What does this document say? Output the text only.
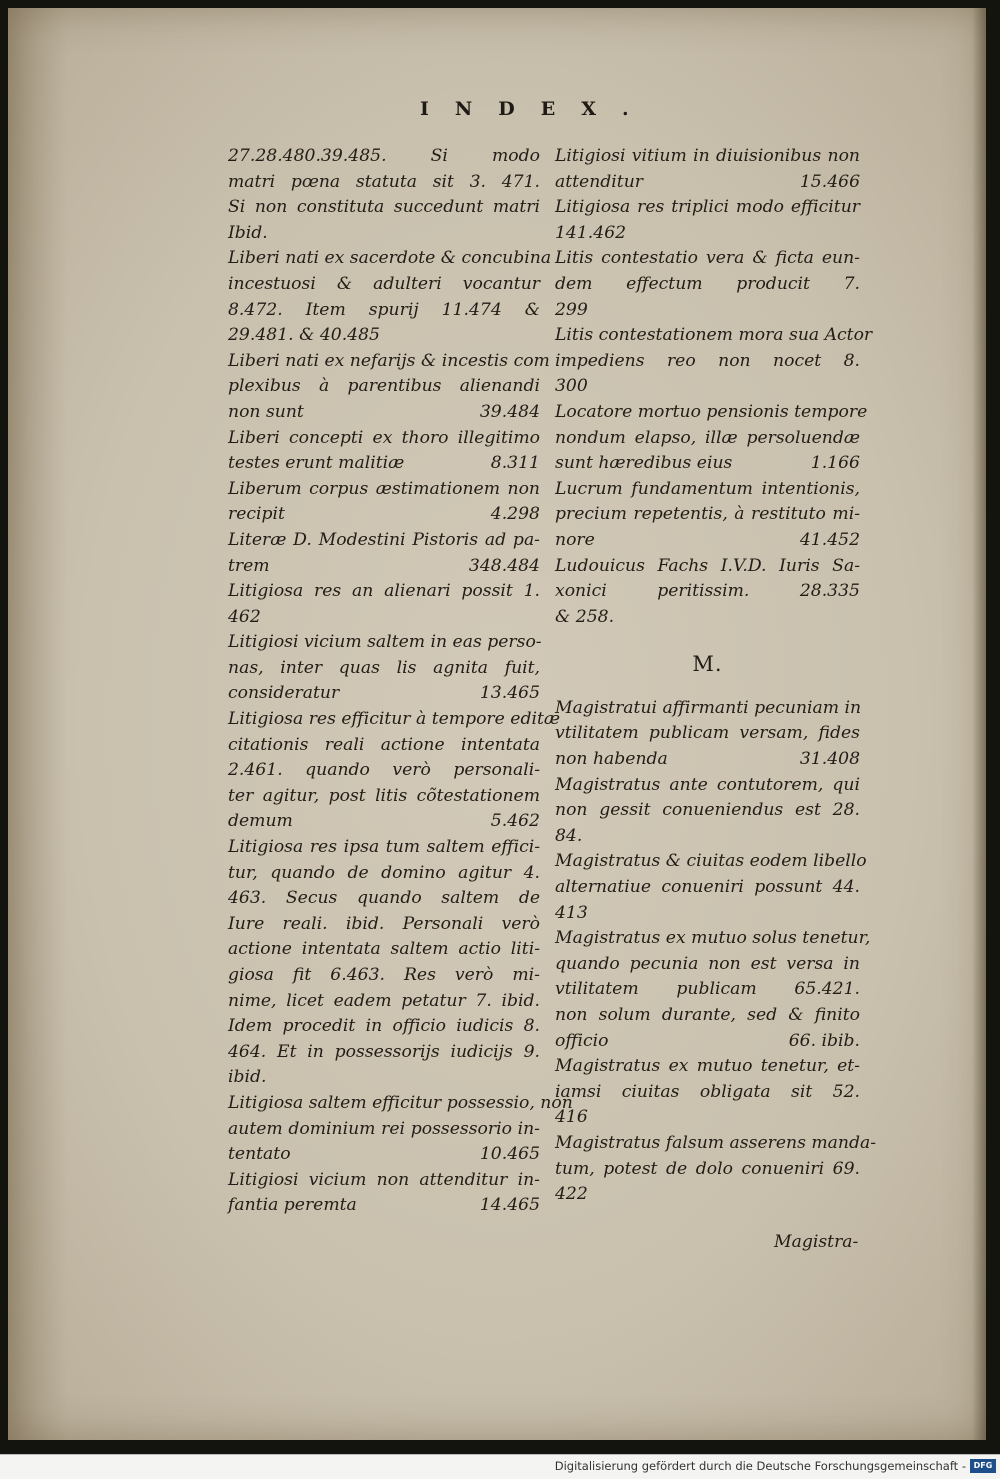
INDEX.
27.28.480.39.485. Si modo
matri pœna statuta sit 3. 471.
Si non constituta succedunt matri
Ibid.
Liberi nati ex sacerdote & concubina
incestuosi & adulteri vocantur
8.472. Item spurij 11.474 &
29.481. & 40.485
Liberi nati ex nefarijs & incestis com
plexibus à parentibus alienandi
non sunt	39.484
Liberi concepti ex thoro illegitimo
testes erunt malitiæ	8.311
Liberum corpus æstimationem non
recipit	4.298
Literæ D. Modestini Pistoris ad pa-
trem	348.484
Litigiosa res an alienari possit 1.
462
Litigiosi vicium saltem in eas perso-
nas, inter quas lis agnita fuit,
consideratur	13.465
Litigiosa res efficitur à tempore editæ
citationis reali actione intentata
2.461. quando verò personali-
ter agitur, post litis cõtestationem
demum	5.462
Litigiosa res ipsa tum saltem effici-
tur, quando de domino agitur 4.
463. Secus quando saltem de
Iure reali. ibid. Personali verò
actione intentata saltem actio liti-
giosa fit 6.463. Res verò mi-
nime, licet eadem petatur 7. ibid.
Idem procedit in officio iudicis 8.
464. Et in possessorijs iudicijs 9.
ibid.
Litigiosa saltem efficitur possessio, non
autem dominium rei possessorio in-
tentato	10.465
Litigiosi vicium non attenditur in-
fantia peremta	14.465
Litigiosi vitium in diuisionibus non
attenditur	15.466
Litigiosa res triplici modo efficitur
141.462
Litis contestatio vera & ficta eun-
dem effectum producit 7.
299
Litis contestationem mora sua Actor
impediens reo non nocet 8.
300
Locatore mortuo pensionis tempore
nondum elapso, illæ persoluendæ
sunt hæredibus eius	1.166
Lucrum fundamentum intentionis,
precium repetentis, à restituto mi-
nore	41.452
Ludouicus Fachs I.V.D. Iuris Sa-
xonici peritissim. 28.335
& 258.
M.
Magistratui affirmanti pecuniam in
vtilitatem publicam versam, fides
non habenda	31.408
Magistratus ante contutorem, qui
non gessit conueniendus est 28.
84.
Magistratus & ciuitas eodem libello
alternatiue conueniri possunt 44.
413
Magistratus ex mutuo solus tenetur,
quando pecunia non est versa in
vtilitatem publicam 65.421.
non solum durante, sed & finito
officio	66. ibib.
Magistratus ex mutuo tenetur, et-
iamsi ciuitas obligata sit 52.
416
Magistratus falsum asserens manda-
tum, potest de dolo conueniri 69.
422
Magistra-
Digitalisierung gefördert durch die Deutsche Forschungsgemeinschaft - DFG
